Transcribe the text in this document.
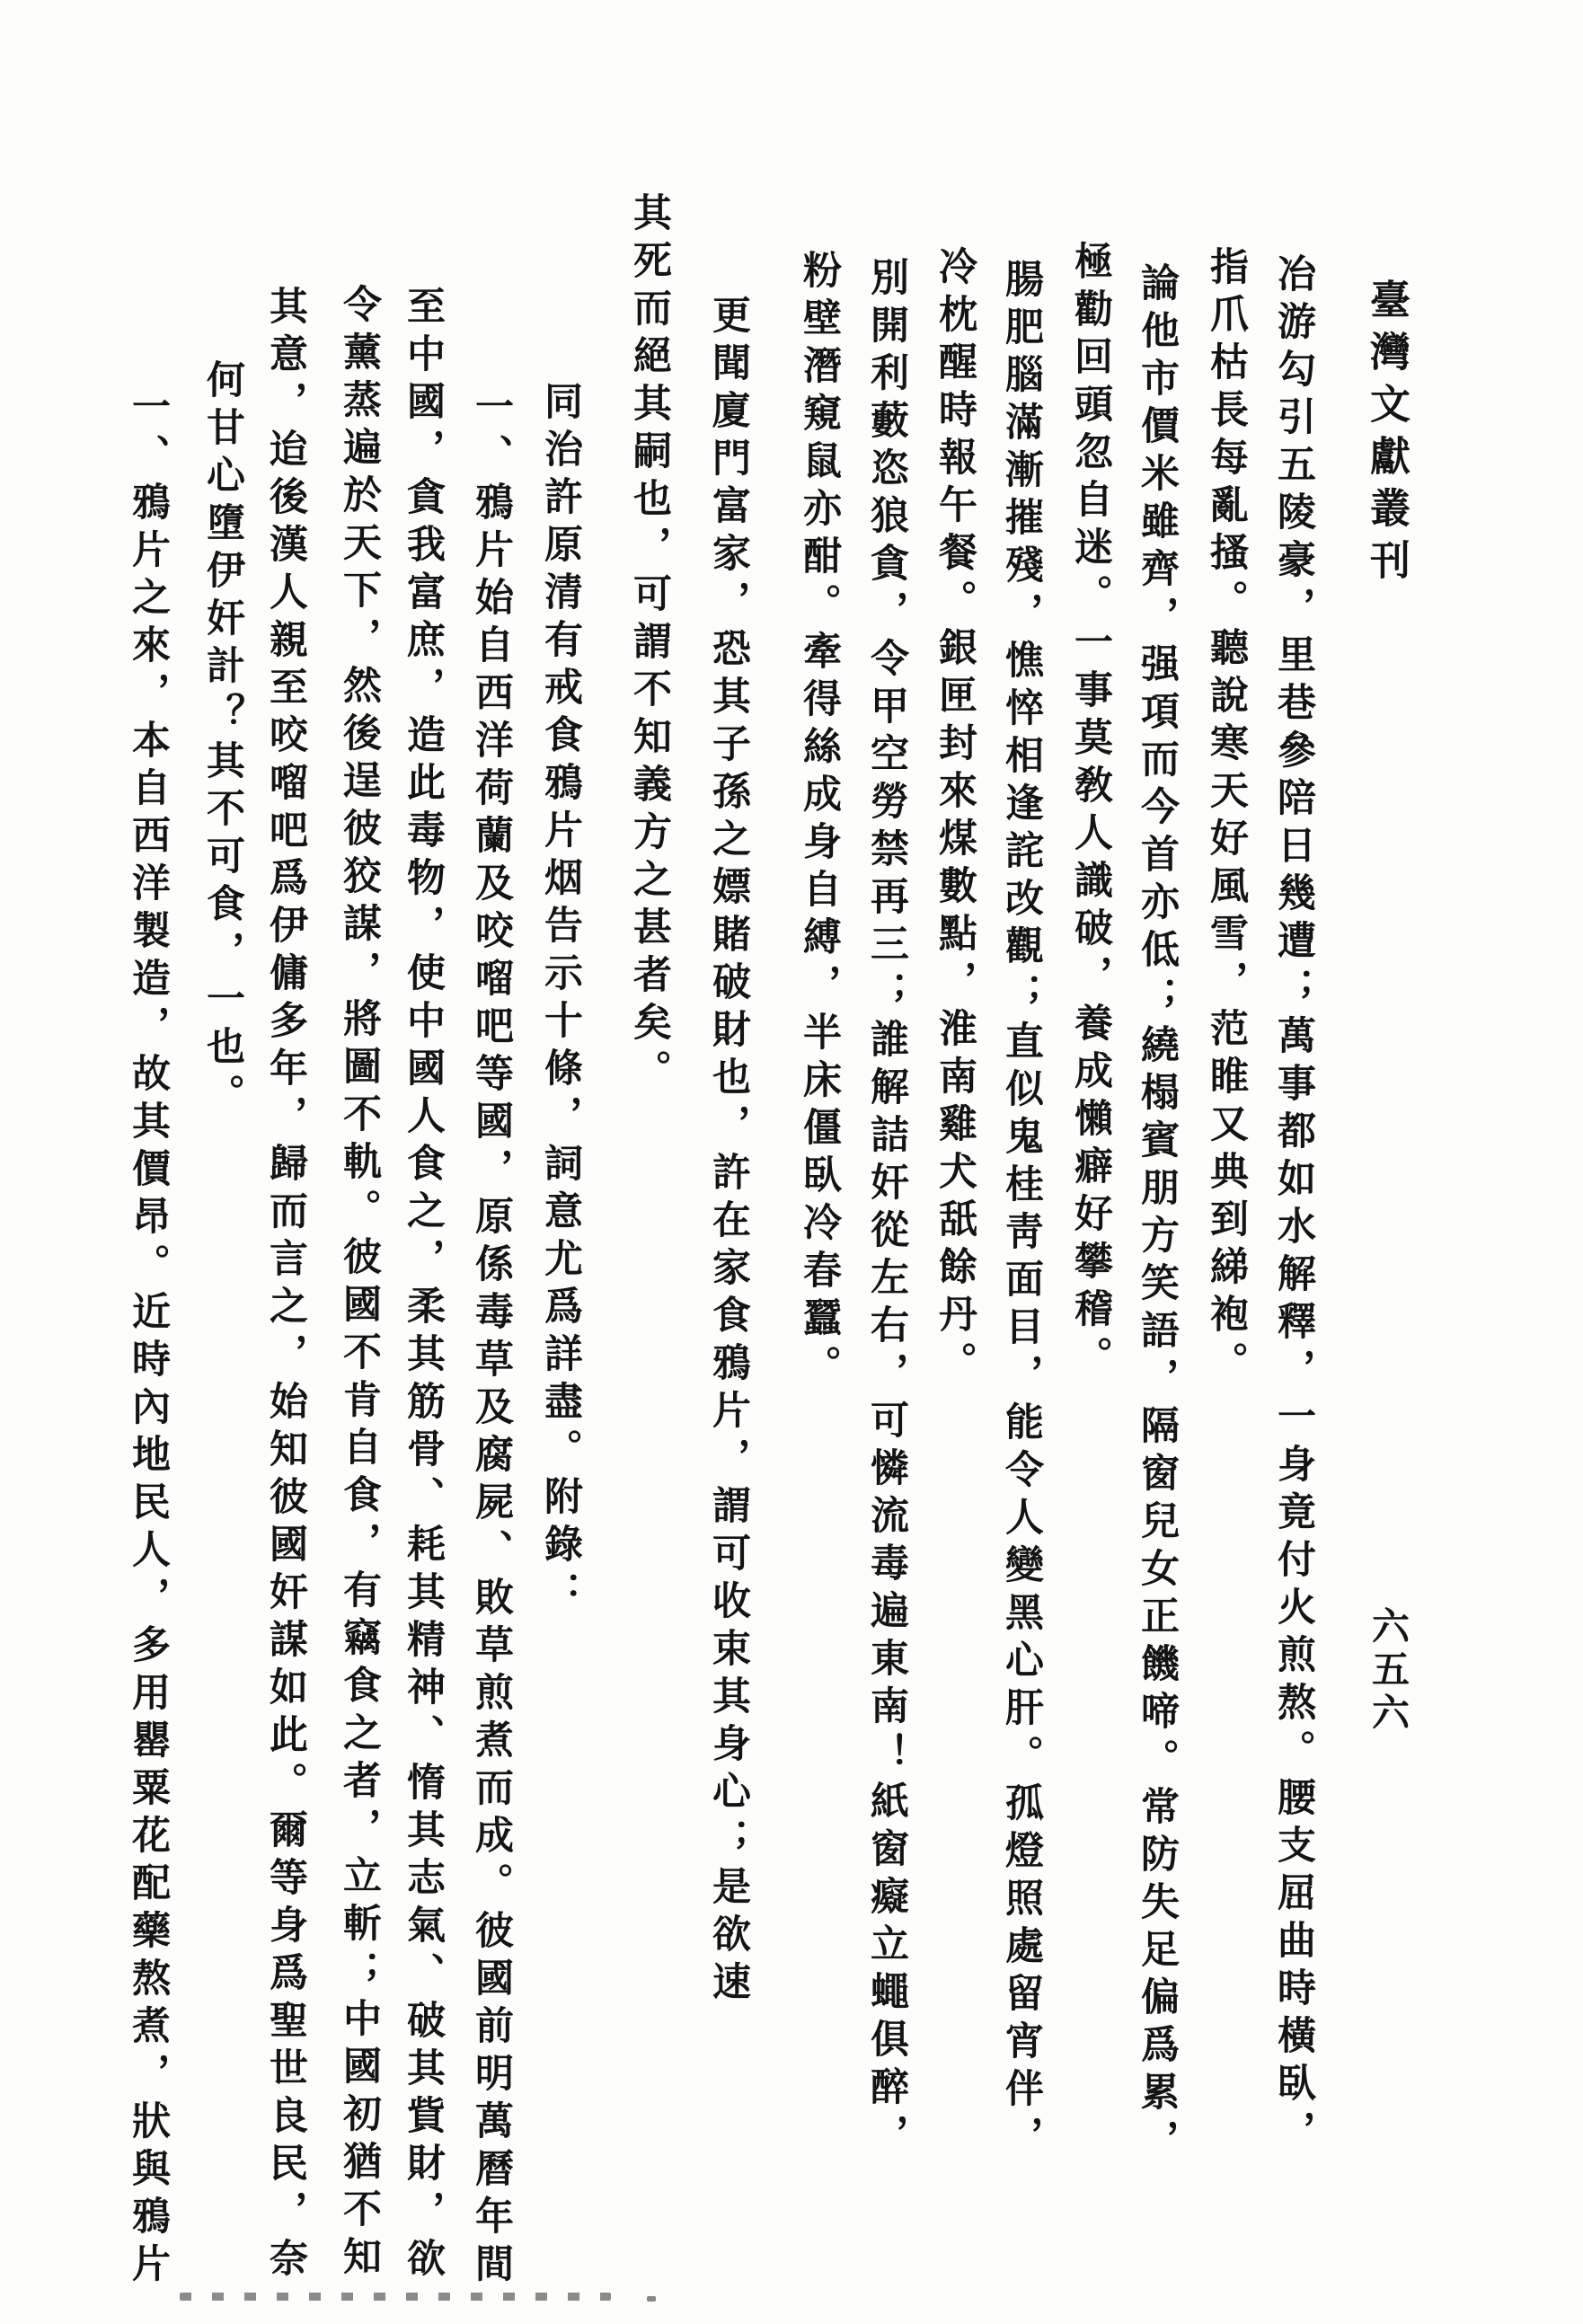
臺灣文獻叢刊
六五六
冶游勾引五陵豪，里巷參陪日幾遭；萬事都如水解釋，一身竟付火煎熬。腰支屈曲時橫臥，
指爪枯長每亂搔。聽說寒天好風雪，范睢又典到綈袍。
論他市價米雖齊，强項而今首亦低；繞榻賓朋方笑語，隔窗兒女正饑啼。常防失足偏爲累，
極勸回頭忽自迷。一事莫敎人識破，養成懶癖好攀稽。
腸肥腦滿漸摧殘，憔悴相逢詫改觀；直似鬼桂靑面目，能令人變黑心肝。孤燈照處留宵伴，
冷枕醒時報午餐。銀匣封來煤數點，淮南雞犬舐餘丹。
別開利藪恣狼貪，令甲空勞禁再三；誰解詰奸從左右，可憐流毒遍東南！紙窗癡立蠅俱醉，
粉壁潛窺鼠亦酣。牽得絲成身自縛，半床僵臥冷春蠶。
更聞廈門富家，恐其子孫之嫖賭破財也，許在家食鴉片，謂可收束其身心；是欲速
其死而絕其嗣也，可謂不知義方之甚者矣。
同治許原清有戒食鴉片烟告示十條，詞意尤爲詳盡。附錄：
一、鴉片始自西洋荷蘭及咬𠺕吧等國，原係毒草及腐屍、敗草煎煮而成。彼國前明萬曆年間
至中國，貪我富庶，造此毒物，使中國人食之，柔其筋骨、耗其精神、惰其志氣、破其貲財，欲
令薰蒸遍於天下，然後逞彼狡謀，將圖不軌。彼國不肯自食，有竊食之者，立斬；中國初猶不知
其意，迨後漢人親至咬𠺕吧爲伊傭多年，歸而言之，始知彼國奸謀如此。爾等身爲聖世良民，奈
何甘心墮伊奸計？其不可食，一也。
一、鴉片之來，本自西洋製造，故其價昂。近時內地民人，多用罌粟花配藥熬煮，狀與鴉片
